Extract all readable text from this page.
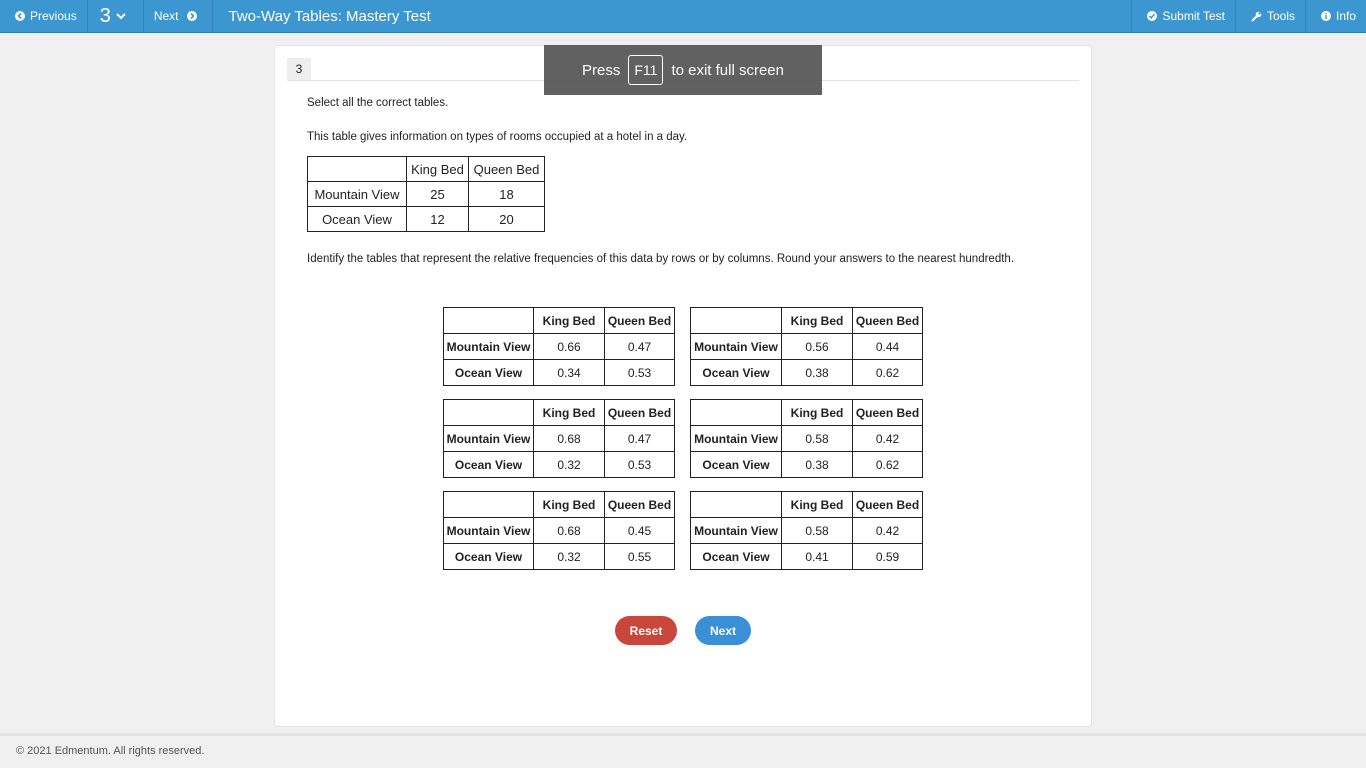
Previous 3	Next	Two-Way Tables: Mastery Test	Submit Test	Tools	Info
3
Select all the correct tables.
This table gives information on types of rooms occupied at a hotel in a day.
	King Bed	Queen Bed
Mountain View	25	18
Ocean View	12	20
Identify the tables that represent the relative frequencies of this data by rows or by columns. Round your answers to the nearest hundredth.
	King Bed	Queen Bed
Mountain View	0.66	0.47
Ocean View	0.34	0.53
	King Bed	Queen Bed
Mountain View	0.56	0.44
Ocean View	0.38	0.62
	King Bed	Queen Bed
Mountain View	0.68	0.47
Ocean View	0.32	0.53
	King Bed	Queen Bed
Mountain View	0.58	0.42
Ocean View	0.38	0.62
	King Bed	Queen Bed
Mountain View	0.68	0.45
Ocean View	0.32	0.55
	King Bed	Queen Bed
Mountain View	0.58	0.42
Ocean View	0.41	0.59
Reset	Next
Press	F11 to exit full screen
© 2021 Edmentum. All rights reserved.
